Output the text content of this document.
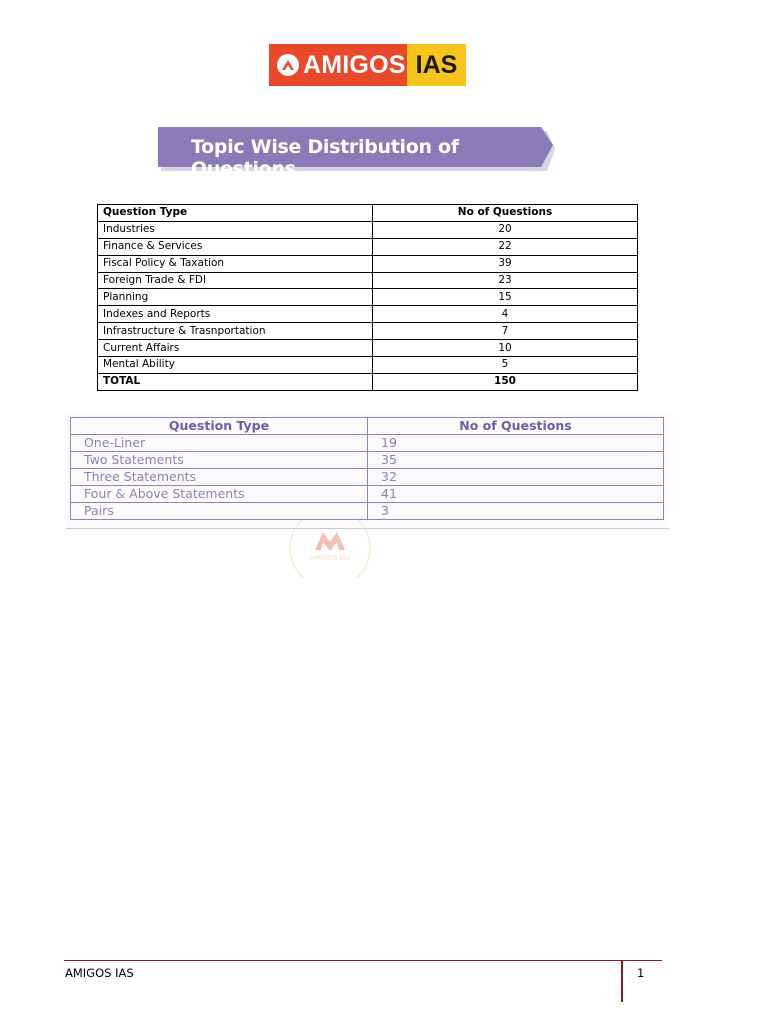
AMIGOS IAS
Topic Wise Distribution of Questions
Question Type	No of Questions
Industries	20
Finance & Services	22
Fiscal Policy & Taxation	39
Foreign Trade & FDI	23
Planning	15
Indexes and Reports	4
Infrastructure & Trasnportation	7
Current Affairs	10
Mental Ability	5
TOTAL	150
Question Type	No of Questions
One-Liner	19
Two Statements	35
Three Statements	32
Four & Above Statements	41
Pairs	3
AMIGOS IAS
AMIGOS IAS	1
